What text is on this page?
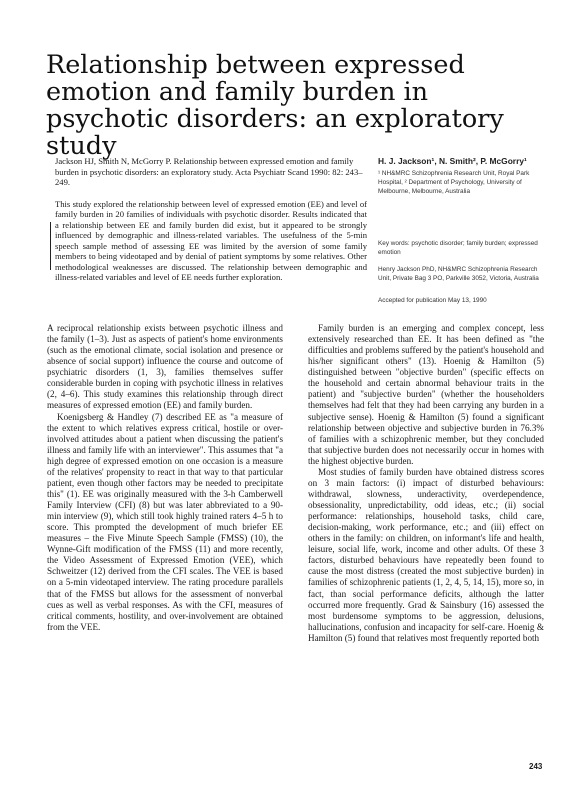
Relationship between expressed emotion and family burden in psychotic disorders: an exploratory study
Jackson HJ, Smith N, McGorry P. Relationship between expressed emotion and family burden in psychotic disorders: an exploratory study. Acta Psychiatr Scand 1990: 82: 243–249.
This study explored the relationship between level of expressed emotion (EE) and level of family burden in 20 families of individuals with psychotic disorder. Results indicated that a relationship between EE and family burden did exist, but it appeared to be strongly influenced by demographic and illness-related variables. The usefulness of the 5-min speech sample method of assessing EE was limited by the aversion of some family members to being videotaped and by denial of patient symptoms by some relatives. Other methodological weaknesses are discussed. The relationship between demographic and illness-related variables and level of EE needs further exploration.
H. J. Jackson¹, N. Smith², P. McGorry¹
¹ NH&MRC Schizophrenia Research Unit, Royal Park Hospital, ² Department of Psychology, University of Melbourne, Melbourne, Australia
Key words: psychotic disorder; family burden; expressed emotion
Henry Jackson PhD, NH&MRC Schizophrenia Research Unit, Private Bag 3 PO, Parkville 3052, Victoria, Australia
Accepted for publication May 13, 1990

A reciprocal relationship exists between psychotic illness and the family (1–3). Just as aspects of patient's home environments (such as the emotional climate, social isolation and presence or absence of social support) influence the course and outcome of psychiatric disorders (1, 3), families themselves suffer considerable burden in coping with psychotic illness in relatives (2, 4–6). This study examines this relationship through direct measures of expressed emotion (EE) and family burden.

Koenigsberg & Handley (7) described EE as "a measure of the extent to which relatives express critical, hostile or over-involved attitudes about a patient when discussing the patient's illness and family life with an interviewer". This assumes that "a high degree of expressed emotion on one occasion is a measure of the relatives' propensity to react in that way to that particular patient, even though other factors may be needed to precipitate this" (1). EE was originally measured with the 3-h Camberwell Family Interview (CFI) (8) but was later abbreviated to a 90-min interview (9), which still took highly trained raters 4–5 h to score. This prompted the development of much briefer EE measures – the Five Minute Speech Sample (FMSS) (10), the Wynne-Gift modification of the FMSS (11) and more recently, the Video Assessment of Expressed Emotion (VEE), which Schweitzer (12) derived from the CFI scales. The VEE is based on a 5-min videotaped interview. The rating procedure parallels that of the FMSS but allows for the assessment of nonverbal cues as well as verbal responses. As with the CFI, measures of critical comments, hostility, and over-involvement are obtained from the VEE.

Family burden is an emerging and complex concept, less extensively researched than EE. It has been defined as "the difficulties and problems suffered by the patient's household and his/her significant others" (13). Hoenig & Hamilton (5) distinguished between "objective burden" (specific effects on the household and certain abnormal behaviour traits in the patient) and "subjective burden" (whether the householders themselves had felt that they had been carrying any burden in a subjective sense). Hoenig & Hamilton (5) found a significant relationship between objective and subjective burden in 76.3% of families with a schizophrenic member, but they concluded that subjective burden does not necessarily occur in homes with the highest objective burden.

Most studies of family burden have obtained distress scores on 3 main factors: (i) impact of disturbed behaviours: withdrawal, slowness, underactivity, overdependence, obsessionality, unpredictability, odd ideas, etc.; (ii) social performance: relationships, household tasks, child care, decision-making, work performance, etc.; and (iii) effect on others in the family: on children, on informant's life and health, leisure, social life, work, income and other adults. Of these 3 factors, disturbed behaviours have repeatedly been found to cause the most distress (created the most subjective burden) in families of schizophrenic patients (1, 2, 4, 5, 14, 15), more so, in fact, than social performance deficits, although the latter occurred more frequently. Grad & Sainsbury (16) assessed the most burdensome symptoms to be aggression, delusions, hallucinations, confusion and incapacity for self-care. Hoenig & Hamilton (5) found that relatives most frequently reported both

243
